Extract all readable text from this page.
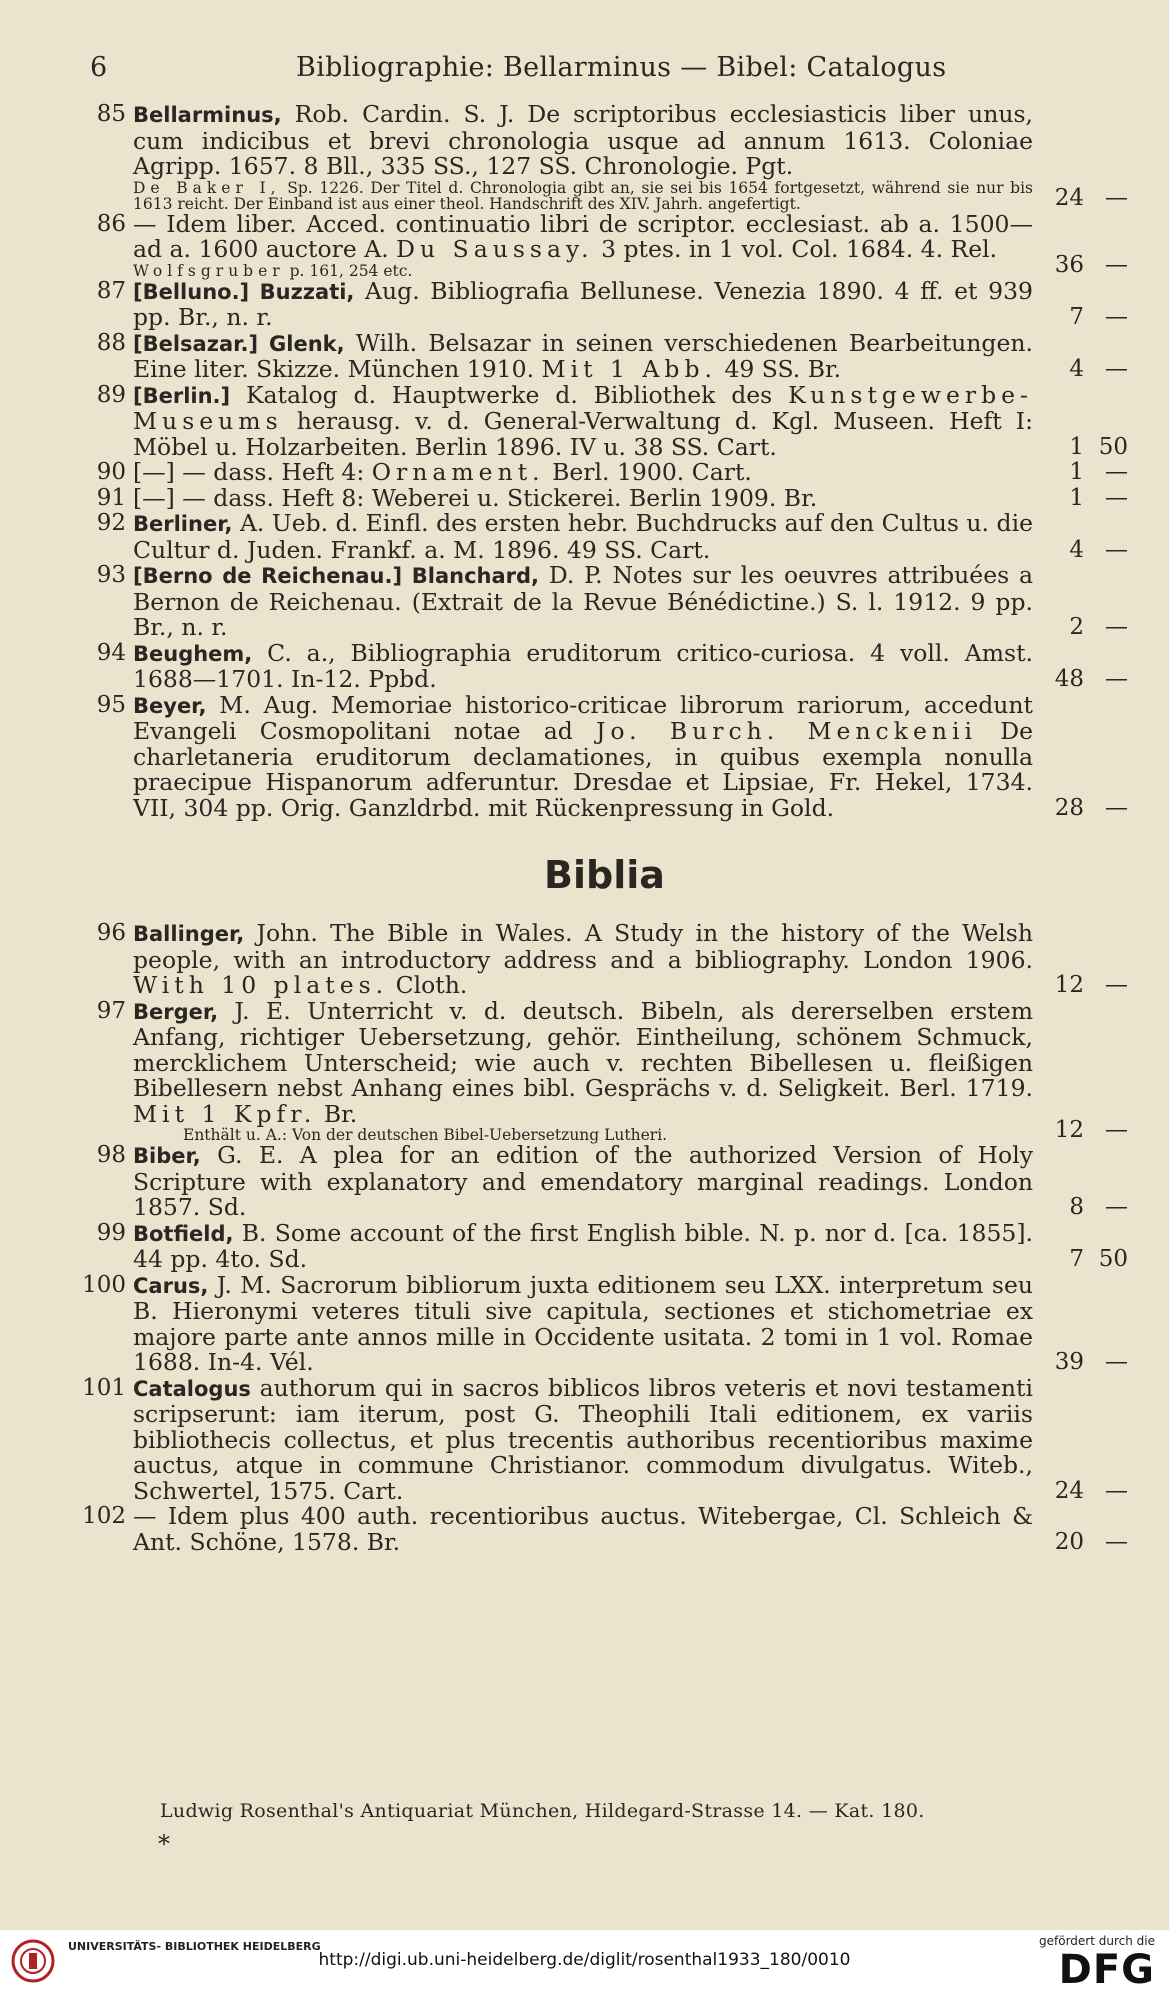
6	Bibliographie: Bellarminus — Bibel: Catalogus
85 Bellarminus, Rob. Cardin. S. J. De scriptoribus ecclesiasticis liber unus, cum indicibus et brevi chronologia usque ad annum 1613. Coloniae Agripp. 1657. 8 Bll., 335 SS., 127 SS. Chronologie. Pgt.
De Baker I, Sp. 1226. Der Titel d. Chronologia gibt an, sie sei bis 1654 fortgesetzt, während sie nur bis 1613 reicht. Der Einband ist aus einer theol. Handschrift des XIV. Jahrh. angefertigt.	24 —
86 — Idem liber. Acced. continuatio libri de scriptor. ecclesiast. ab a. 1500—ad a. 1600 auctore A. Du Saussay. 3 ptes. in 1 vol. Col. 1684. 4. Rel.
Wolfsgruber p. 161, 254 etc.	36 —
87 [Belluno.] Buzzati, Aug. Bibliografia Bellunese. Venezia 1890. 4 ff. et 939 pp. Br., n. r.	7 —
88 [Belsazar.] Glenk, Wilh. Belsazar in seinen verschiedenen Bearbeitungen. Eine liter. Skizze. München 1910. Mit 1 Abb. 49 SS. Br.	4 —
89 [Berlin.] Katalog d. Hauptwerke d. Bibliothek des Kunstgewerbe-Museums herausg. v. d. General-Verwaltung d. Kgl. Museen. Heft I: Möbel u. Holzarbeiten. Berlin 1896. IV u. 38 SS. Cart.	1 50
90 [—] — dass. Heft 4: Ornament. Berl. 1900. Cart.	1 —
91 [—] — dass. Heft 8: Weberei u. Stickerei. Berlin 1909. Br.	1 —
92 Berliner, A. Ueb. d. Einfl. des ersten hebr. Buchdrucks auf den Cultus u. die Cultur d. Juden. Frankf. a. M. 1896. 49 SS. Cart.	4 —
93 [Berno de Reichenau.] Blanchard, D. P. Notes sur les oeuvres attribuées a Bernon de Reichenau. (Extrait de la Revue Bénédictine.) S. l. 1912. 9 pp. Br., n. r.	2 —
94 Beughem, C. a., Bibliographia eruditorum critico-curiosa. 4 voll. Amst. 1688—1701. In-12. Ppbd.	48 —
95 Beyer, M. Aug. Memoriae historico-criticae librorum rariorum, accedunt Evangeli Cosmopolitani notae ad Jo. Burch. Menckenii De charletaneria eruditorum declamationes, in quibus exempla nonulla praecipue Hispanorum adferuntur. Dresdae et Lipsiae, Fr. Hekel, 1734. VII, 304 pp. Orig. Ganzldrbd. mit Rückenpressung in Gold.	28 —
Biblia
96 Ballinger, John. The Bible in Wales. A Study in the history of the Welsh people, with an introductory address and a bibliography. London 1906. With 10 plates. Cloth.	12 —
97 Berger, J. E. Unterricht v. d. deutsch. Bibeln, als dererselben erstem Anfang, richtiger Uebersetzung, gehör. Eintheilung, schönem Schmuck, mercklichem Unterscheid; wie auch v. rechten Bibellesen u. fleißigen Bibellesern nebst Anhang eines bibl. Gesprächs v. d. Seligkeit. Berl. 1719. Mit 1 Kpfr. Br.
Enthält u. A.: Von der deutschen Bibel-Uebersetzung Lutheri.	12 —
98 Biber, G. E. A plea for an edition of the authorized Version of Holy Scripture with explanatory and emendatory marginal readings. London 1857. Sd.	8 —
99 Botfield, B. Some account of the first English bible. N. p. nor d. [ca. 1855]. 44 pp. 4to. Sd.	7 50
100 Carus, J. M. Sacrorum bibliorum juxta editionem seu LXX. interpretum seu B. Hieronymi veteres tituli sive capitula, sectiones et stichometriae ex majore parte ante annos mille in Occidente usitata. 2 tomi in 1 vol. Romae 1688. In-4. Vél.	39 —
101 Catalogus authorum qui in sacros biblicos libros veteris et novi testamenti scripserunt: iam iterum, post G. Theophili Itali editionem, ex variis bibliothecis collectus, et plus trecentis authoribus recentioribus maxime auctus, atque in commune Christianor. commodum divulgatus. Witeb., Schwertel, 1575. Cart.	24 —
102 — Idem plus 400 auth. recentioribus auctus. Witebergae, Cl. Schleich & Ant. Schöne, 1578. Br.	20 —
Ludwig Rosenthal's Antiquariat München, Hildegard-Strasse 14. — Kat. 180.
*
UNIVERSITÄTS- BIBLIOTHEK HEIDELBERG
http://digi.ub.uni-heidelberg.de/diglit/rosenthal1933_180/0010
gefördert durch die
DFG
